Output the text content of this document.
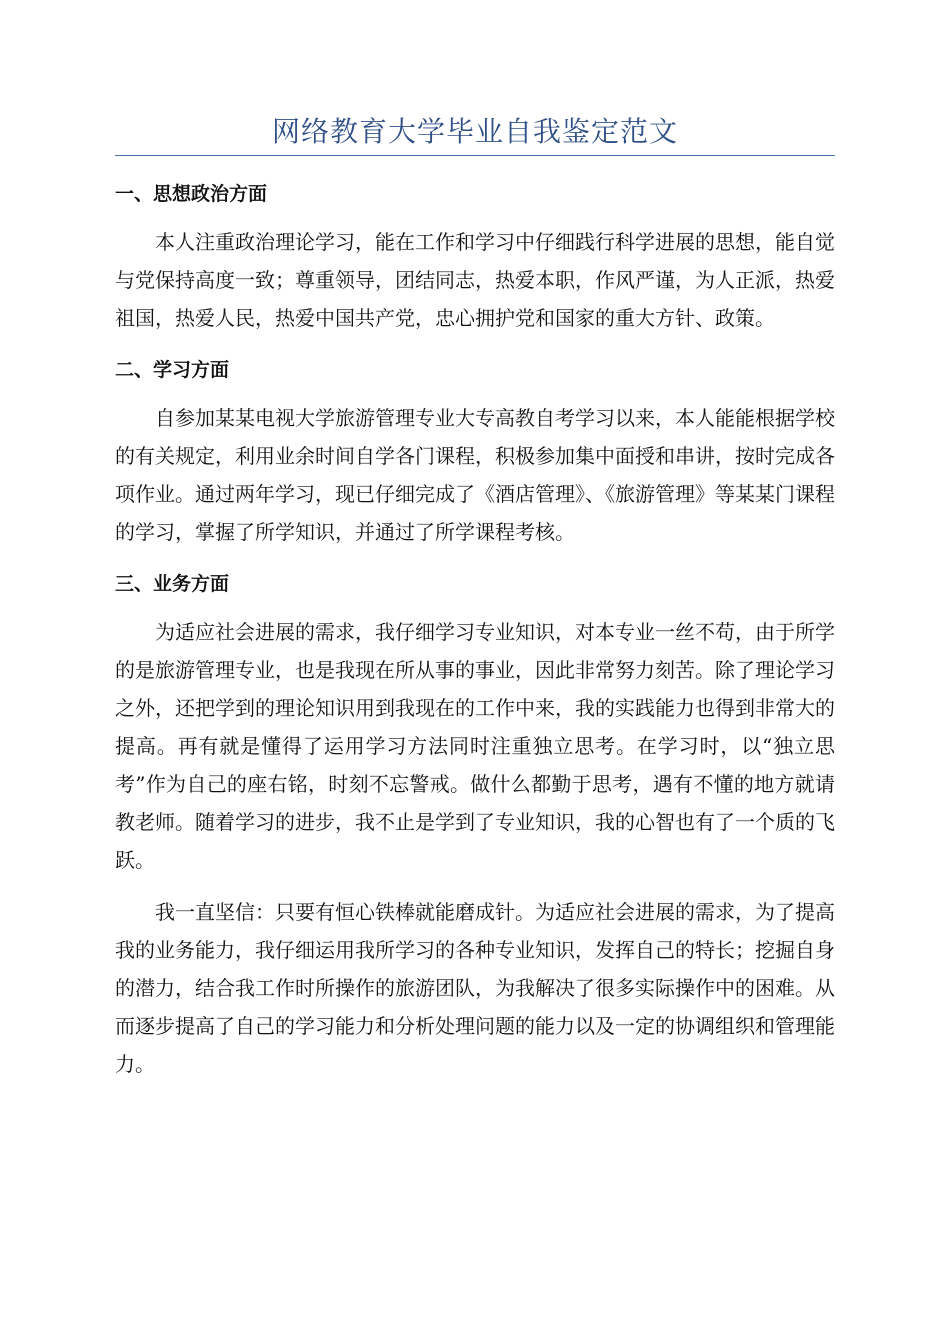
网络教育大学毕业自我鉴定范文
一、思想政治方面

本人注重政治理论学习，能在工作和学习中仔细践行科学进展的思想，能自觉与党保持高度一致；尊重领导，团结同志，热爱本职，作风严谨，为人正派，热爱祖国，热爱人民，热爱中国共产党，忠心拥护党和国家的重大方针、政策。

二、学习方面

自参加某某电视大学旅游管理专业大专高教自考学习以来，本人能能根据学校的有关规定，利用业余时间自学各门课程，积极参加集中面授和串讲，按时完成各项作业。通过两年学习，现已仔细完成了《酒店管理》、《旅游管理》等某某门课程的学习，掌握了所学知识，并通过了所学课程考核。

三、业务方面

为适应社会进展的需求，我仔细学习专业知识，对本专业一丝不苟，由于所学的是旅游管理专业，也是我现在所从事的事业，因此非常努力刻苦。除了理论学习之外，还把学到的理论知识用到我现在的工作中来，我的实践能力也得到非常大的提高。再有就是懂得了运用学习方法同时注重独立思考。在学习时，以“独立思考”作为自己的座右铭，时刻不忘警戒。做什么都勤于思考，遇有不懂的地方就请教老师。随着学习的进步，我不止是学到了专业知识，我的心智也有了一个质的飞跃。

我一直坚信：只要有恒心铁棒就能磨成针。为适应社会进展的需求，为了提高我的业务能力，我仔细运用我所学习的各种专业知识，发挥自己的特长；挖掘自身的潜力，结合我工作时所操作的旅游团队，为我解决了很多实际操作中的困难。从而逐步提高了自己的学习能力和分析处理问题的能力以及一定的协调组织和管理能力。
